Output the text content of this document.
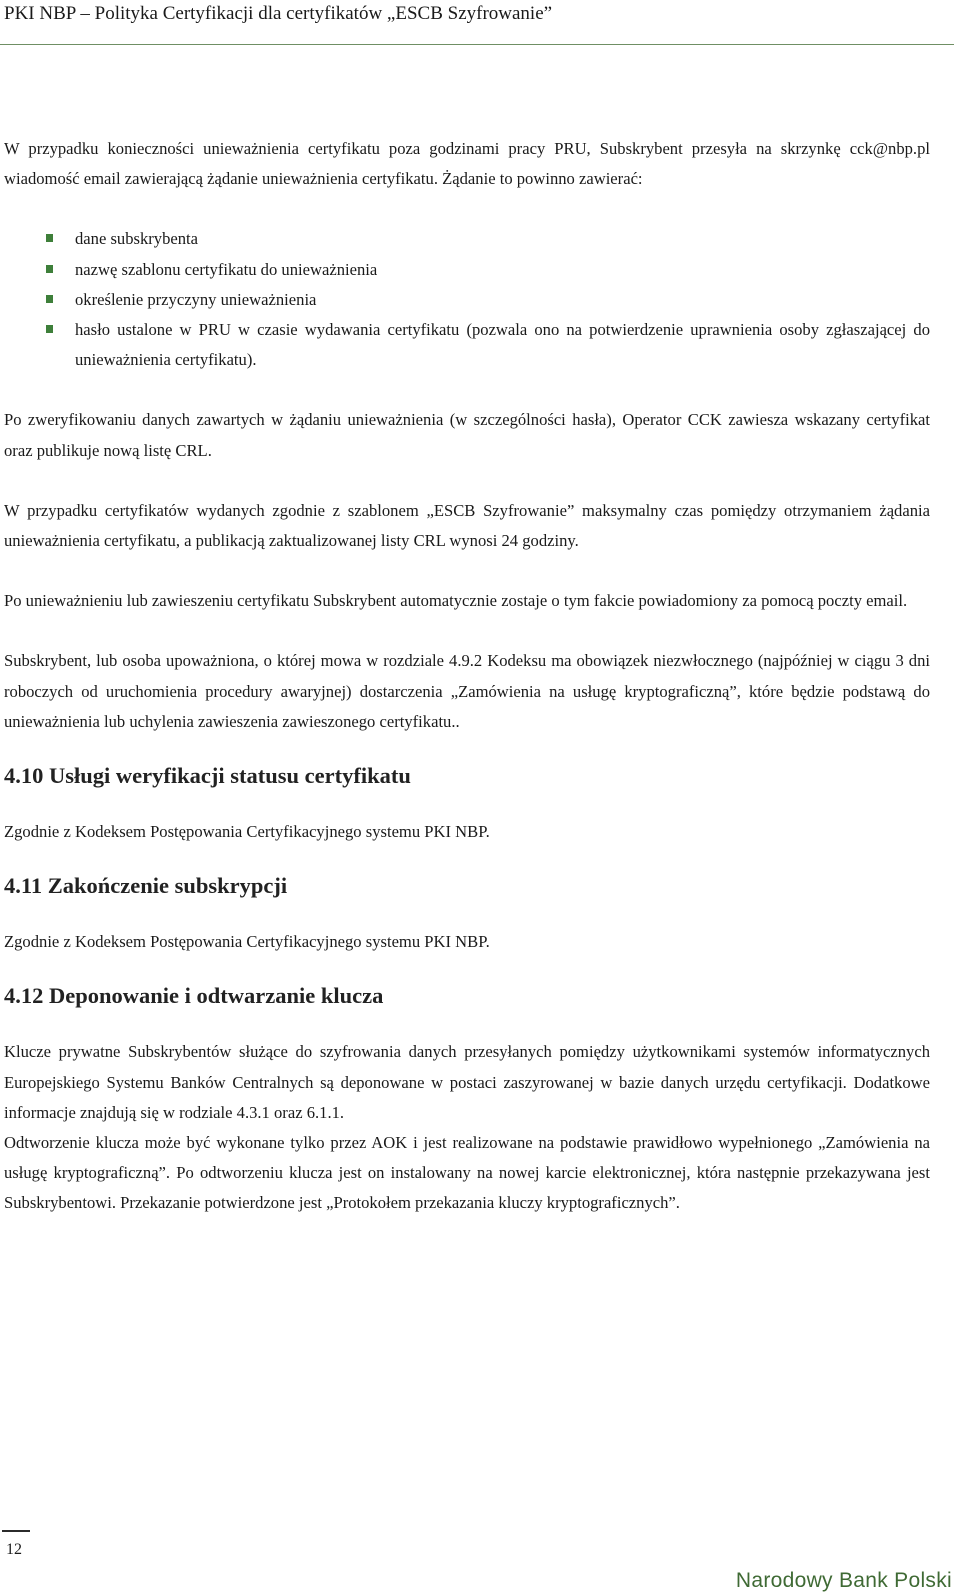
PKI NBP – Polityka Certyfikacji dla certyfikatów „ESCB Szyfrowanie”

W przypadku konieczności unieważnienia certyfikatu poza godzinami pracy PRU, Subskrybent przesyła na skrzynkę cck@nbp.pl wiadomość email zawierającą żądanie unieważnienia certyfikatu. Żądanie to powinno zawierać:

dane subskrybenta
nazwę szablonu certyfikatu do unieważnienia
określenie przyczyny unieważnienia
hasło ustalone w PRU w czasie wydawania certyfikatu (pozwala ono na potwierdzenie uprawnienia osoby zgłaszającej do unieważnienia certyfikatu).

Po zweryfikowaniu danych zawartych w żądaniu unieważnienia (w szczególności hasła), Operator CCK zawiesza wskazany certyfikat oraz publikuje nową listę CRL.

W przypadku certyfikatów wydanych zgodnie z szablonem „ESCB Szyfrowanie” maksymalny czas pomiędzy otrzymaniem żądania unieważnienia certyfikatu, a publikacją zaktualizowanej listy CRL wynosi 24 godziny.

Po unieważnieniu lub zawieszeniu certyfikatu Subskrybent automatycznie zostaje o tym fakcie powiadomiony za pomocą poczty email.

Subskrybent, lub osoba upoważniona, o której mowa w rozdziale 4.9.2 Kodeksu ma obowiązek niezwłocznego (najpóźniej w ciągu 3 dni roboczych od uruchomienia procedury awaryjnej) dostarczenia „Zamówienia na usługę kryptograficzną”, które będzie podstawą do unieważnienia lub uchylenia zawieszenia zawieszonego certyfikatu..

4.10 Usługi weryfikacji statusu certyfikatu

Zgodnie z Kodeksem Postępowania Certyfikacyjnego systemu PKI NBP.

4.11 Zakończenie subskrypcji

Zgodnie z Kodeksem Postępowania Certyfikacyjnego systemu PKI NBP.

4.12 Deponowanie i odtwarzanie klucza

Klucze prywatne Subskrybentów służące do szyfrowania danych przesyłanych pomiędzy użytkownikami systemów informatycznych Europejskiego Systemu Banków Centralnych są deponowane w postaci zaszyrowanej w bazie danych urzędu certyfikacji. Dodatkowe informacje znajdują się w rodziale 4.3.1 oraz 6.1.1.

Odtworzenie klucza może być wykonane tylko przez AOK i jest realizowane na podstawie prawidłowo wypełnionego „Zamówienia na usługę kryptograficzną”. Po odtworzeniu klucza jest on instalowany na nowej karcie elektronicznej, która następnie przekazywana jest Subskrybentowi. Przekazanie potwierdzone jest „Protokołem przekazania kluczy kryptograficznych”.

12
Narodowy Bank Polski
